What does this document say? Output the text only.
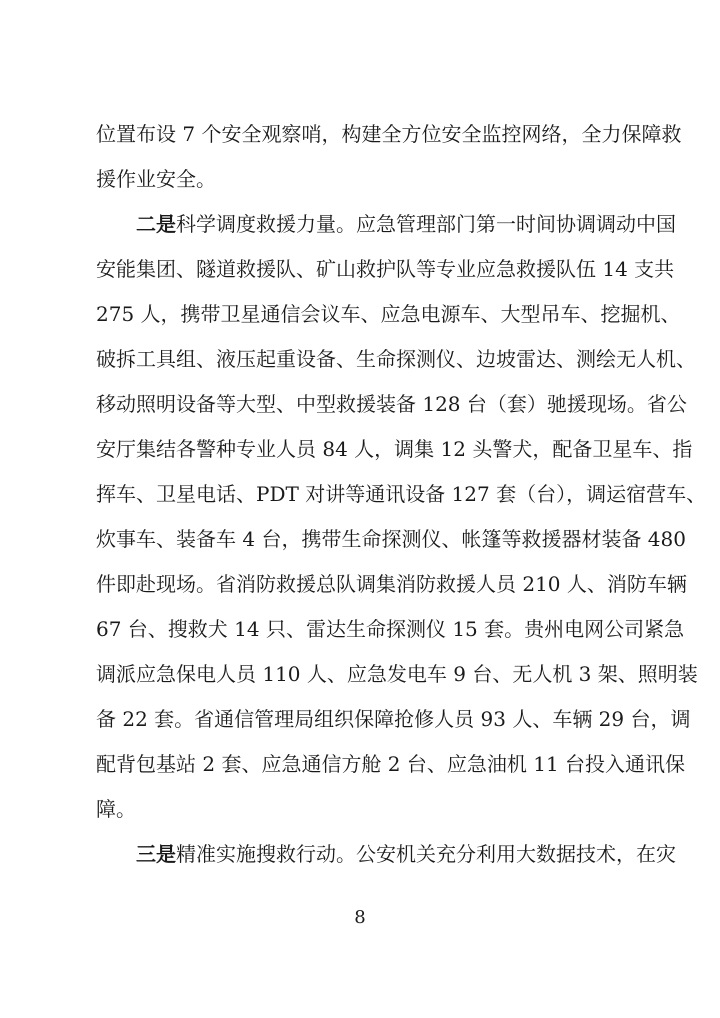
位置布设 7 个安全观察哨，构建全方位安全监控网络，全力保障救
援作业安全。
二是科学调度救援力量。应急管理部门第一时间协调调动中国
安能集团、隧道救援队、矿山救护队等专业应急救援队伍 14 支共
275 人，携带卫星通信会议车、应急电源车、大型吊车、挖掘机、
破拆工具组、液压起重设备、生命探测仪、边坡雷达、测绘无人机、
移动照明设备等大型、中型救援装备 128 台（套）驰援现场。省公
安厅集结各警种专业人员 84 人，调集 12 头警犬，配备卫星车、指
挥车、卫星电话、PDT 对讲等通讯设备 127 套（台），调运宿营车、
炊事车、装备车 4 台，携带生命探测仪、帐篷等救援器材装备 480
件即赴现场。省消防救援总队调集消防救援人员 210 人、消防车辆
67 台、搜救犬 14 只、雷达生命探测仪 15 套。贵州电网公司紧急
调派应急保电人员 110 人、应急发电车 9 台、无人机 3 架、照明装
备 22 套。省通信管理局组织保障抢修人员 93 人、车辆 29 台，调
配背包基站 2 套、应急通信方舱 2 台、应急油机 11 台投入通讯保
障。
三是精准实施搜救行动。公安机关充分利用大数据技术，在灾
8
